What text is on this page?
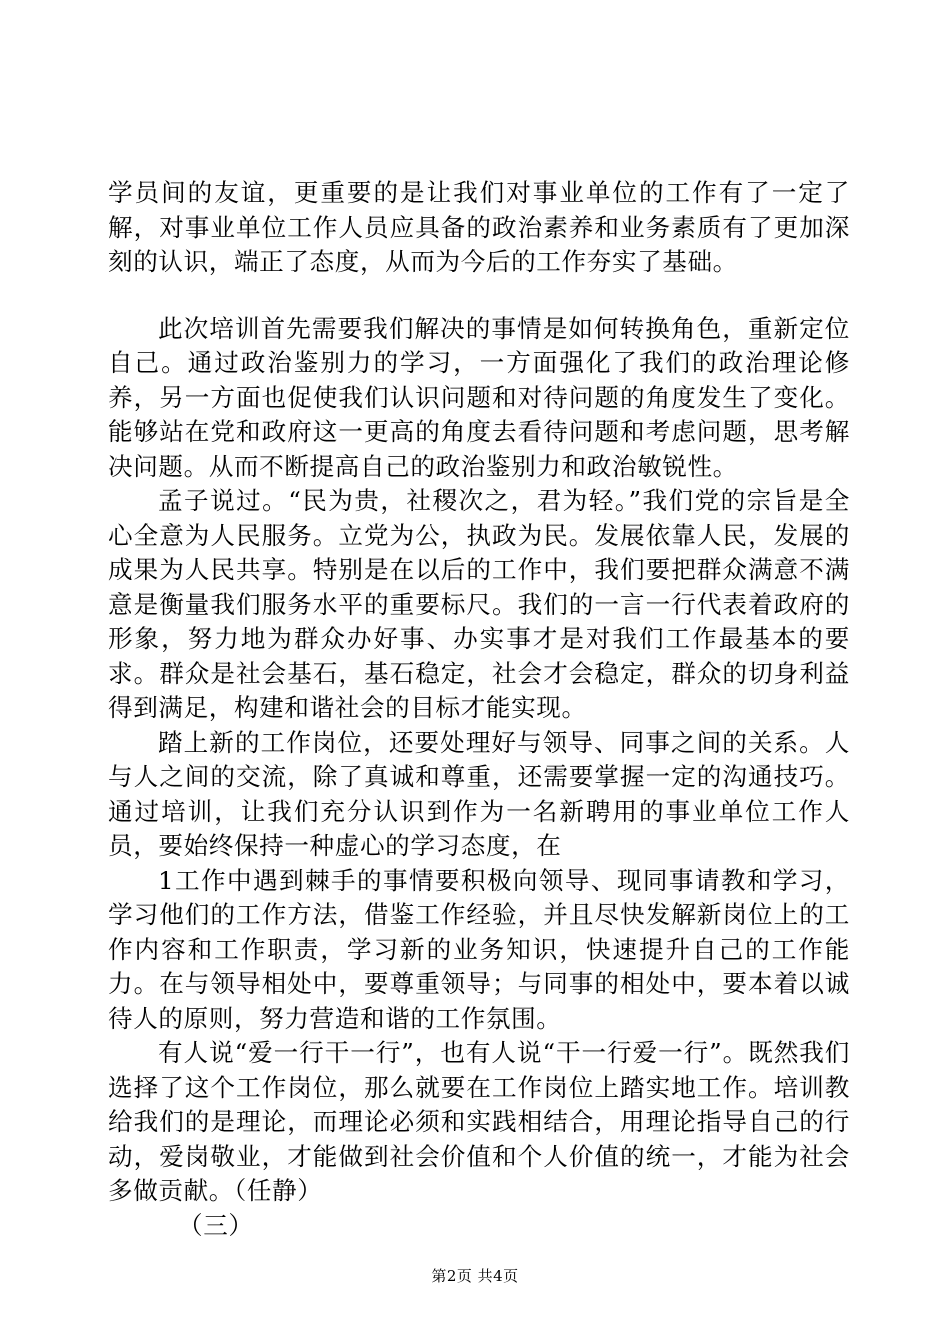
学员间的友谊，更重要的是让我们对事业单位的工作有了一定了解，对事业单位工作人员应具备的政治素养和业务素质有了更加深刻的认识，端正了态度，从而为今后的工作夯实了基础。

此次培训首先需要我们解决的事情是如何转换角色，重新定位自己。通过政治鉴别力的学习，一方面强化了我们的政治理论修养，另一方面也促使我们认识问题和对待问题的角度发生了变化。能够站在党和政府这一更高的角度去看待问题和考虑问题，思考解决问题。从而不断提高自己的政治鉴别力和政治敏锐性。

孟子说过。“民为贵，社稷次之，君为轻。”我们党的宗旨是全心全意为人民服务。立党为公，执政为民。发展依靠人民，发展的成果为人民共享。特别是在以后的工作中，我们要把群众满意不满意是衡量我们服务水平的重要标尺。我们的一言一行代表着政府的形象，努力地为群众办好事、办实事才是对我们工作最基本的要求。群众是社会基石，基石稳定，社会才会稳定，群众的切身利益得到满足，构建和谐社会的目标才能实现。

踏上新的工作岗位，还要处理好与领导、同事之间的关系。人与人之间的交流，除了真诚和尊重，还需要掌握一定的沟通技巧。通过培训，让我们充分认识到作为一名新聘用的事业单位工作人员，要始终保持一种虚心的学习态度，在

1工作中遇到棘手的事情要积极向领导、现同事请教和学习，学习他们的工作方法，借鉴工作经验，并且尽快发解新岗位上的工作内容和工作职责，学习新的业务知识，快速提升自己的工作能力。在与领导相处中，要尊重领导；与同事的相处中，要本着以诚待人的原则，努力营造和谐的工作氛围。

有人说“爱一行干一行”，也有人说“干一行爱一行”。既然我们选择了这个工作岗位，那么就要在工作岗位上踏实地工作。培训教给我们的是理论，而理论必须和实践相结合，用理论指导自己的行动，爱岗敬业，才能做到社会价值和个人价值的统一，才能为社会多做贡献。（任静）

（三）

第2页 共4页
